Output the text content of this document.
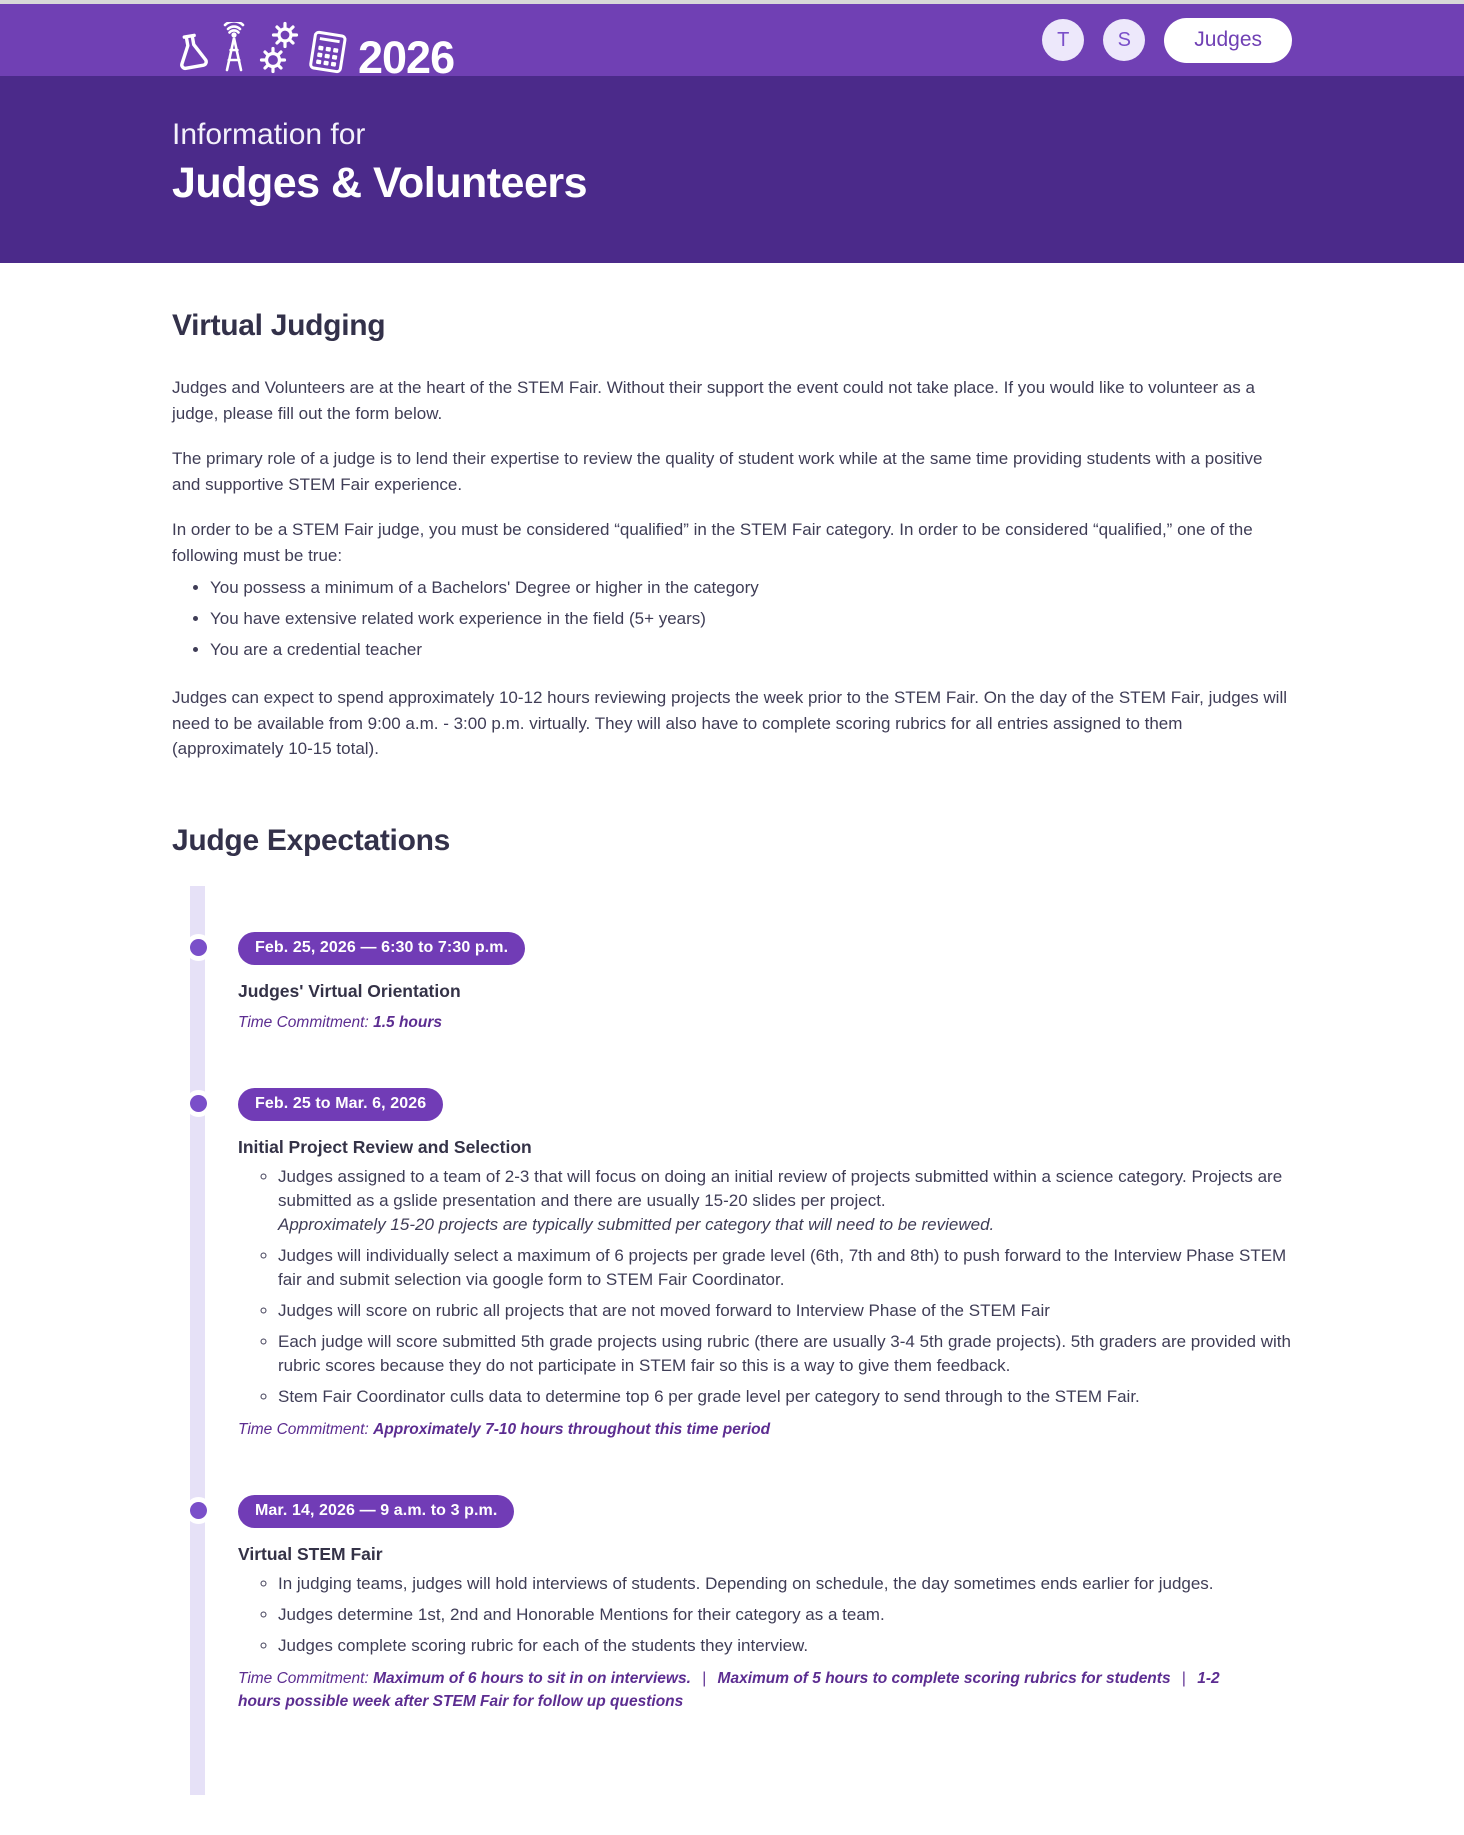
2026	T	S	Judges
Information for
Judges & Volunteers
Virtual Judging

Judges and Volunteers are at the heart of the STEM Fair. Without their support the event could not take place. If you would like to volunteer as a judge, please fill out the form below.

The primary role of a judge is to lend their expertise to review the quality of student work while at the same time providing students with a positive and supportive STEM Fair experience.

In order to be a STEM Fair judge, you must be considered “qualified” in the STEM Fair category. In order to be considered “qualified,” one of the following must be true:

• You possess a minimum of a Bachelors' Degree or higher in the category
• You have extensive related work experience in the field (5+ years)
• You are a credential teacher

Judges can expect to spend approximately 10-12 hours reviewing projects the week prior to the STEM Fair. On the day of the STEM Fair, judges will need to be available from 9:00 a.m. - 3:00 p.m. virtually. They will also have to complete scoring rubrics for all entries assigned to them (approximately 10-15 total).

Judge Expectations
Feb. 25, 2026 — 6:30 to 7:30 p.m.
Judges' Virtual Orientation
Time Commitment: 1.5 hours
Feb. 25 to Mar. 6, 2026
Initial Project Review and Selection
◦ Judges assigned to a team of 2-3 that will focus on doing an initial review of projects submitted within a science category. Projects are submitted as a gslide presentation and there are usually 15-20 slides per project.
Approximately 15-20 projects are typically submitted per category that will need to be reviewed.
◦ Judges will individually select a maximum of 6 projects per grade level (6th, 7th and 8th) to push forward to the Interview Phase STEM fair and submit selection via google form to STEM Fair Coordinator.
◦ Judges will score on rubric all projects that are not moved forward to Interview Phase of the STEM Fair
◦ Each judge will score submitted 5th grade projects using rubric (there are usually 3-4 5th grade projects). 5th graders are provided with rubric scores because they do not participate in STEM fair so this is a way to give them feedback.
◦ Stem Fair Coordinator culls data to determine top 6 per grade level per category to send through to the STEM Fair.
Time Commitment: Approximately 7-10 hours throughout this time period
Mar. 14, 2026 — 9 a.m. to 3 p.m.
Virtual STEM Fair
◦ In judging teams, judges will hold interviews of students. Depending on schedule, the day sometimes ends earlier for judges.
◦ Judges determine 1st, 2nd and Honorable Mentions for their category as a team.
◦ Judges complete scoring rubric for each of the students they interview.
Time Commitment: Maximum of 6 hours to sit in on interviews. | Maximum of 5 hours to complete scoring rubrics for students | 1-2 hours possible week after STEM Fair for follow up questions
